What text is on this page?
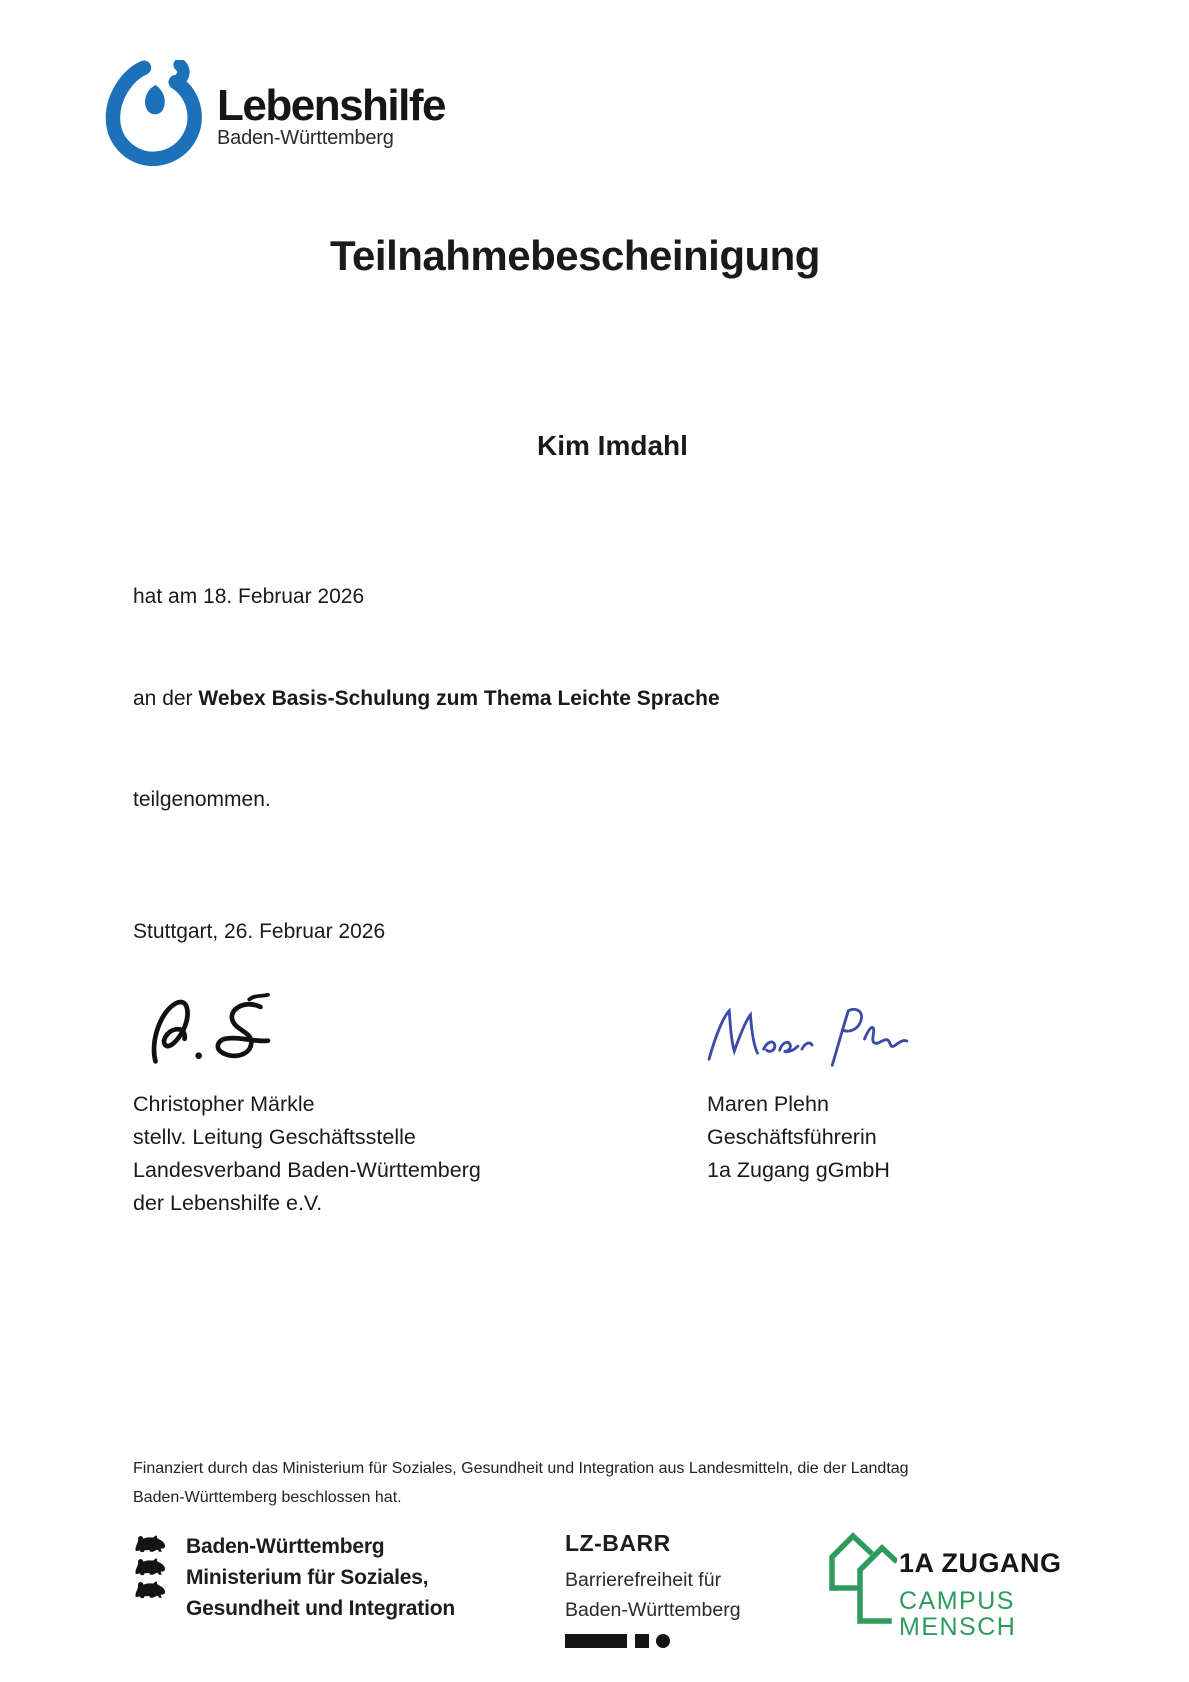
Lebenshilfe
Baden-Württemberg
Teilnahmebescheinigung
Kim Imdahl
hat am 18. Februar 2026
an der Webex Basis-Schulung zum Thema Leichte Sprache
teilgenommen.
Stuttgart, 26. Februar 2026
Christopher Märkle
stellv. Leitung Geschäftsstelle
Landesverband Baden-Württemberg
der Lebenshilfe e.V.
Maren Plehn
Geschäftsführerin
1a Zugang gGmbH
Finanziert durch das Ministerium für Soziales, Gesundheit und Integration aus Landesmitteln, die der Landtag Baden-Württemberg beschlossen hat.
Baden-Württemberg
Ministerium für Soziales,
Gesundheit und Integration
LZ-BARR
Barrierefreiheit für
Baden-Württemberg
1A ZUGANG
CAMPUS
MENSCH
